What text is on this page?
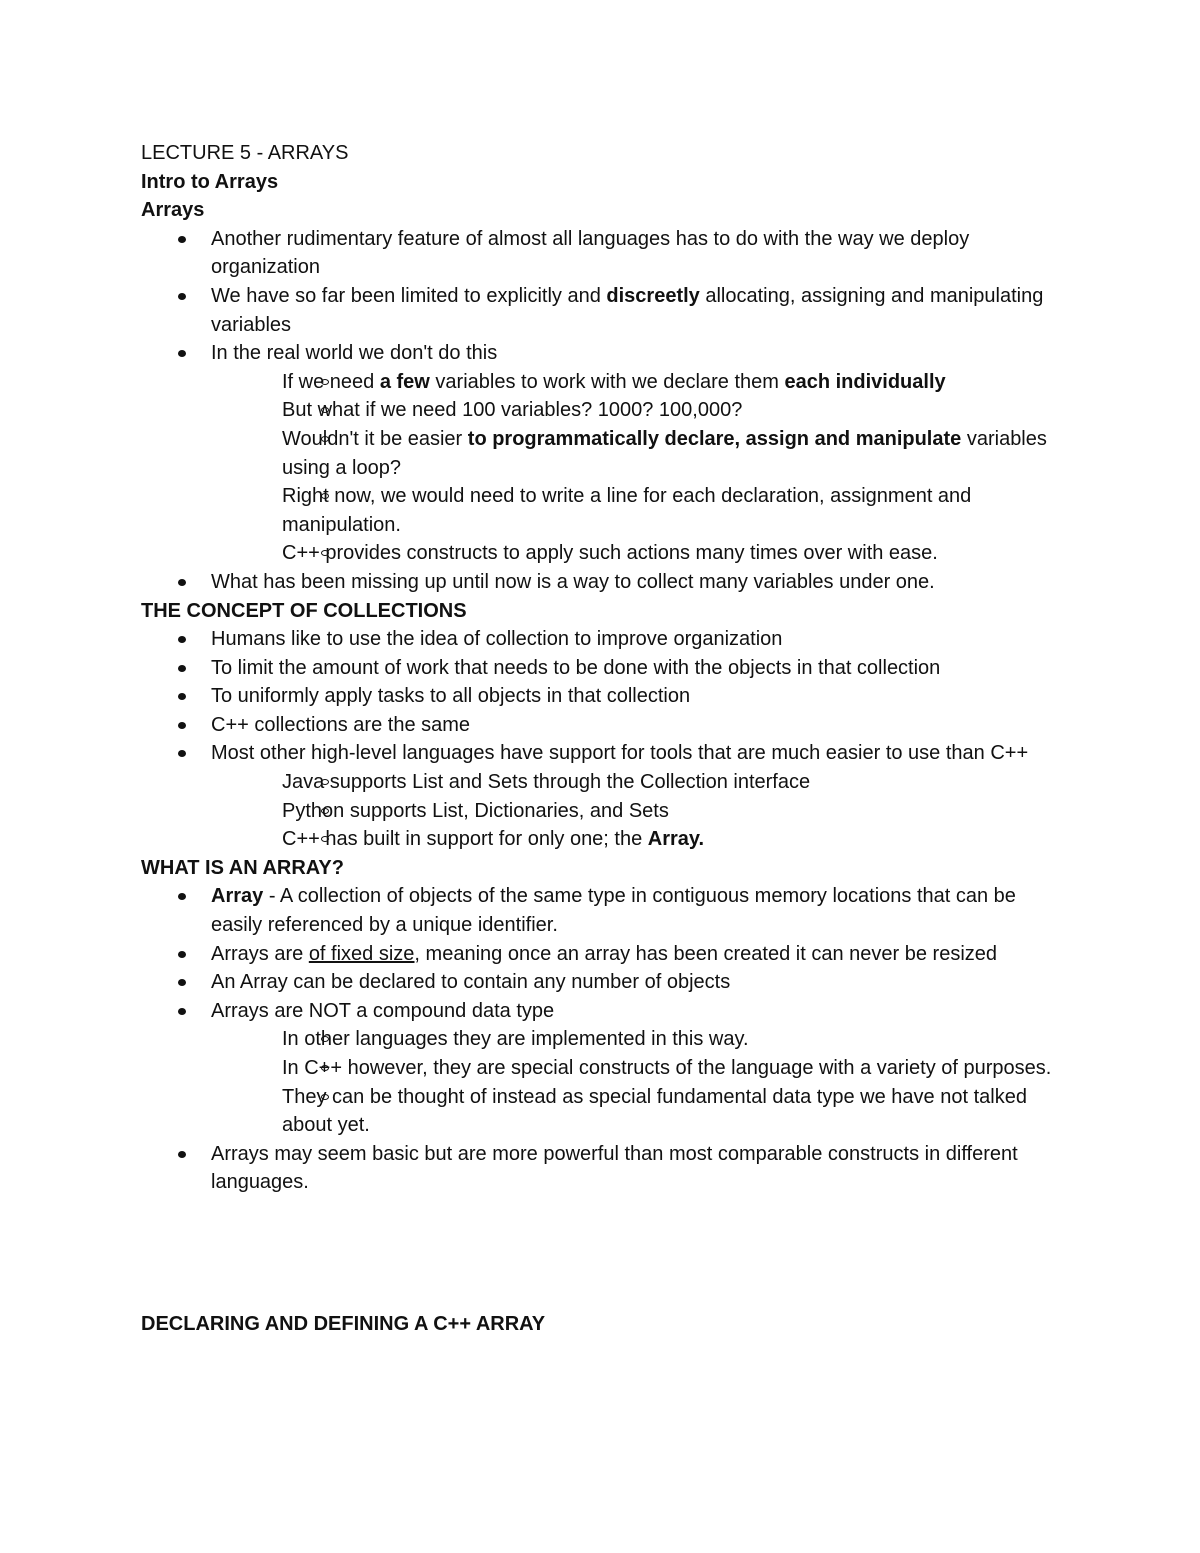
LECTURE 5 - ARRAYS
Intro to Arrays
Arrays
Another rudimentary feature of almost all languages has to do with the way we deploy organization
We have so far been limited to explicitly and discreetly allocating, assigning and manipulating variables
In the real world we don't do this
If we need a few variables to work with we declare them each individually
But what if we need 100 variables? 1000? 100,000?
Wouldn't it be easier to programmatically declare, assign and manipulate variables using a loop?
Right now, we would need to write a line for each declaration, assignment and manipulation.
C++ provides constructs to apply such actions many times over with ease.
What has been missing up until now is a way to collect many variables under one.
THE CONCEPT OF COLLECTIONS
Humans like to use the idea of collection to improve organization
To limit the amount of work that needs to be done with the objects in that collection
To uniformly apply tasks to all objects in that collection
C++ collections are the same
Most other high-level languages have support for tools that are much easier to use than C++
Java supports List and Sets through the Collection interface
Python supports List, Dictionaries, and Sets
C++ has built in support for only one; the Array.
WHAT IS AN ARRAY?
Array - A collection of objects of the same type in contiguous memory locations that can be easily referenced by a unique identifier.
Arrays are of fixed size, meaning once an array has been created it can never be resized
An Array can be declared to contain any number of objects
Arrays are NOT a compound data type
In other languages they are implemented in this way.
In C++ however, they are special constructs of the language with a variety of purposes.
They can be thought of instead as special fundamental data type we have not talked about yet.
Arrays may seem basic but are more powerful than most comparable constructs in different languages.
DECLARING AND DEFINING A C++ ARRAY
